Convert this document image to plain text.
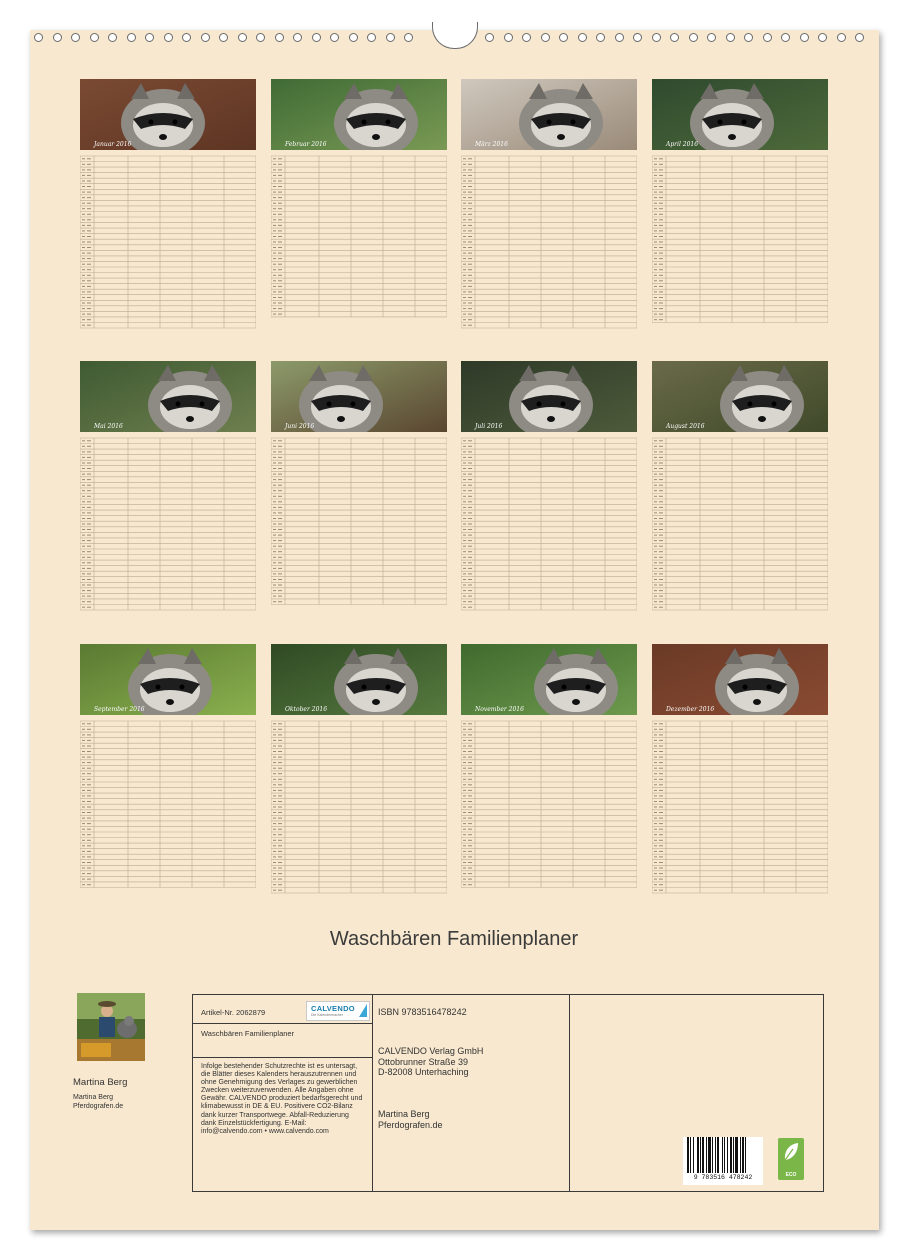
Januar 2016	Februar 2016	März 2016	April 2016
Mai 2016	Juni 2016	Juli 2016	August 2016
September 2016	Oktober 2016	November 2016	Dezember 2016
Waschbären Familienplaner
Martina Berg
Martina Berg
Pferdografen.de
Artikel-Nr. 2062879	CALVENDO
Die Kalendermacher
Waschbären Familienplaner
Infolge bestehender Schutzrechte ist es untersagt, die Blätter dieses Kalenders herauszutrennen und ohne Genehmigung des Verlages zu gewerblichen Zwecken weiterzuverwenden. Alle Angaben ohne Gewähr. CALVENDO produziert bedarfsgerecht und klimabewusst in DE & EU. Positivere CO2-Bilanz dank kurzer Transportwege. Abfall-Reduzierung dank Einzelstückfertigung. E-Mail: info@calvendo.com • www.calvendo.com
ISBN 9783516478242
CALVENDO Verlag GmbH
Ottobrunner Straße 39
D-82008 Unterhaching
Martina Berg
Pferdografen.de
9 783516 478242	ECO
